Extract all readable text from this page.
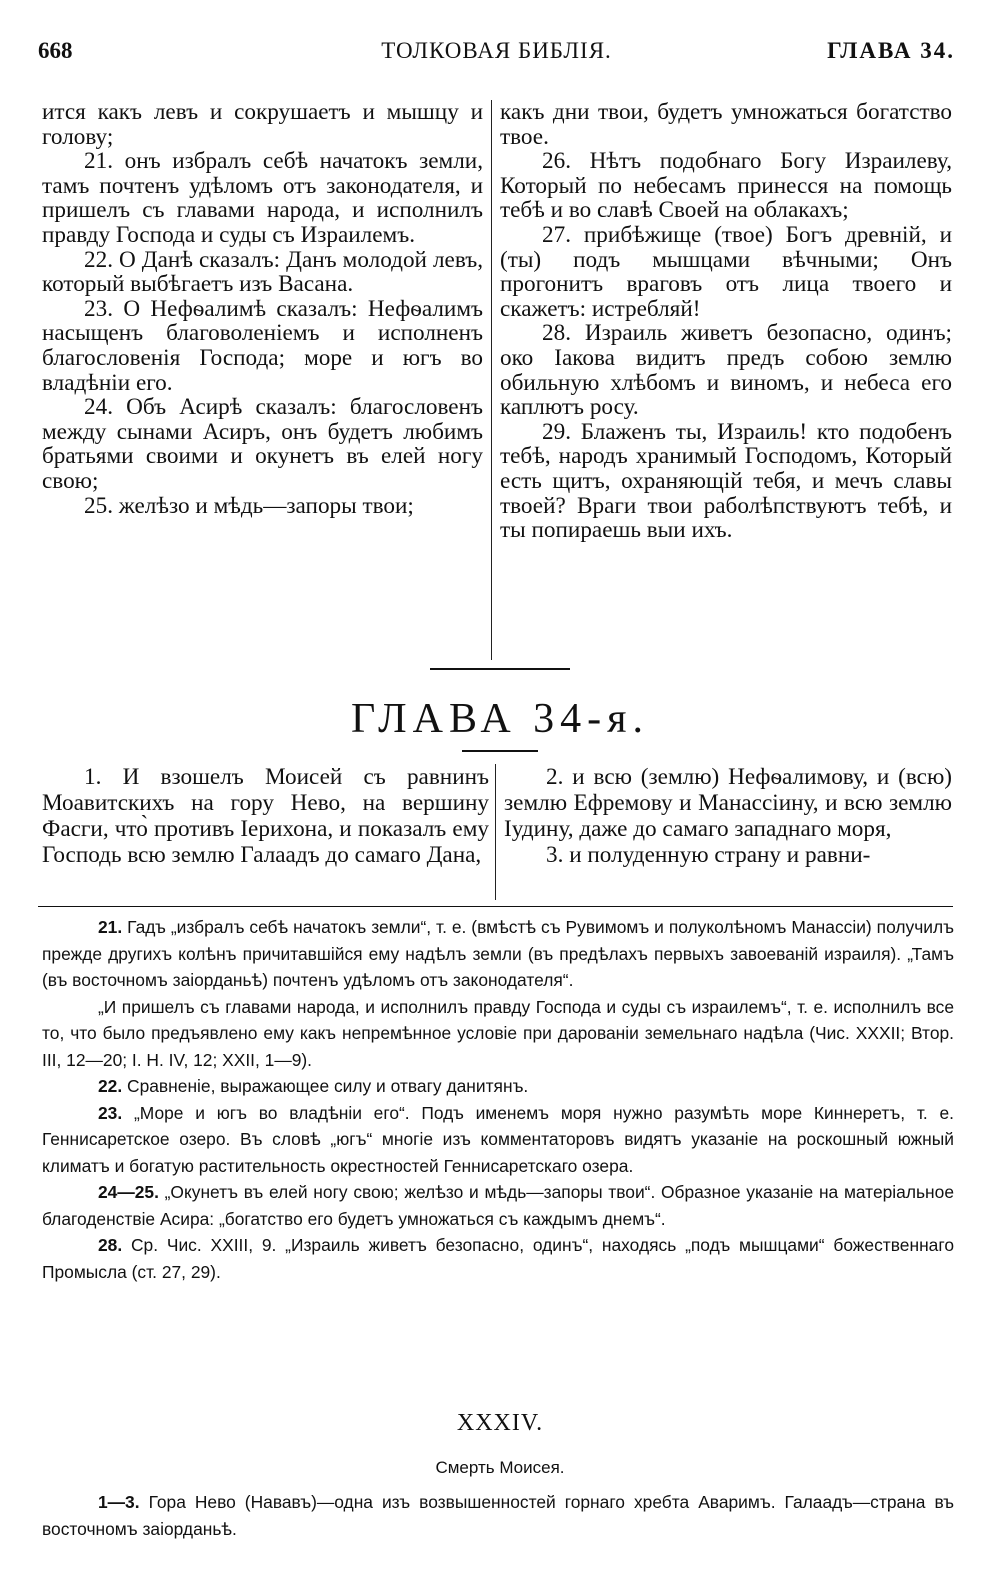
668	ТОЛКОВАЯ БИБЛІЯ.	ГЛАВА 34.

ится какъ левъ и сокрушаетъ и мышцу и голову;

21. онъ избралъ себѣ начатокъ земли, тамъ почтенъ удѣломъ отъ законодателя, и пришелъ съ главами народа, и исполнилъ правду Господа и суды съ Израилемъ.

22. О Данѣ сказалъ: Данъ молодой левъ, который выбѣгаетъ изъ Васана.

23. О Нефѳалимѣ сказалъ: Нефѳалимъ насыщенъ благоволеніемъ и исполненъ благословенія Господа; море и югъ во владѣніи его.

24. Объ Асирѣ сказалъ: благословенъ между сынами Асиръ, онъ будетъ любимъ братьями своими и окунетъ въ елей ногу свою;

25. желѣзо и мѣдь—запоры твои;

какъ дни твои, будетъ умножаться богатство твое.

26. Нѣтъ подобнаго Богу Израилеву, Который по небесамъ принесся на помощь тебѣ и во славѣ Своей на облакахъ;

27. прибѣжище (твое) Богъ древній, и (ты) подъ мышцами вѣчными; Онъ прогонитъ враговъ отъ лица твоего и скажетъ: истребляй!

28. Израиль живетъ безопасно, одинъ; око Іакова видитъ предъ собою землю обильную хлѣбомъ и виномъ, и небеса его каплютъ росу.

29. Блаженъ ты, Израиль! кто подобенъ тебѣ, народъ хранимый Господомъ, Который есть щитъ, охраняющій тебя, и мечъ славы твоей? Враги твои раболѣпствуютъ тебѣ, и ты попираешь выи ихъ.

ГЛАВА 34-я.

1. И взошелъ Моисей съ равнинъ Моавитскихъ на гору Нево, на вершину Фасги, что̀ противъ Іерихона, и показалъ ему Господь всю землю Галаадъ до самаго Дана,

2. и всю (землю) Нефѳалимову, и (всю) землю Ефремову и Манассіину, и всю землю Іудину, даже до самаго западнаго моря,

3. и полуденную страну и равни-

21. Гадъ „избралъ себѣ начатокъ земли“, т. е. (вмѣстѣ съ Рувимомъ и полуколѣномъ Манассіи) получилъ прежде другихъ колѣнъ причитавшійся ему надѣлъ земли (въ предѣлахъ первыхъ завоеваній израиля). „Тамъ (въ восточномъ заіорданьѣ) почтенъ удѣломъ отъ законодателя“.

„И пришелъ съ главами народа, и исполнилъ правду Господа и суды съ израилемъ“, т. е. исполнилъ все то, что было предъявлено ему какъ непремѣнное условіе при дарованіи земельнаго надѣла (Чис. XXXII; Втор. III, 12—20; І. Н. IV, 12; XXII, 1—9).

22. Сравненіе, выражающее силу и отвагу данитянъ.

23. „Море и югъ во владѣніи его“. Подъ именемъ моря нужно разумѣть море Киннеретъ, т. е. Геннисаретское озеро. Въ словѣ „югъ“ многіе изъ комментаторовъ видятъ указаніе на роскошный южный климатъ и богатую растительность окрестностей Геннисаретскаго озера.

24—25. „Окунетъ въ елей ногу свою; желѣзо и мѣдь—запоры твои“. Образное указаніе на матеріальное благоденствіе Асира: „богатство его будетъ умножаться съ каждымъ днемъ“.

28. Ср. Чис. XXIII, 9. „Израиль живетъ безопасно, одинъ“, находясь „подъ мышцами“ божественнаго Промысла (ст. 27, 29).

XXXIV.
Смерть Моисея.

1—3. Гора Нево (Нававъ)—одна изъ возвышенностей горнаго хребта Аваримъ. Галаадъ—страна въ восточномъ заіорданьѣ.
